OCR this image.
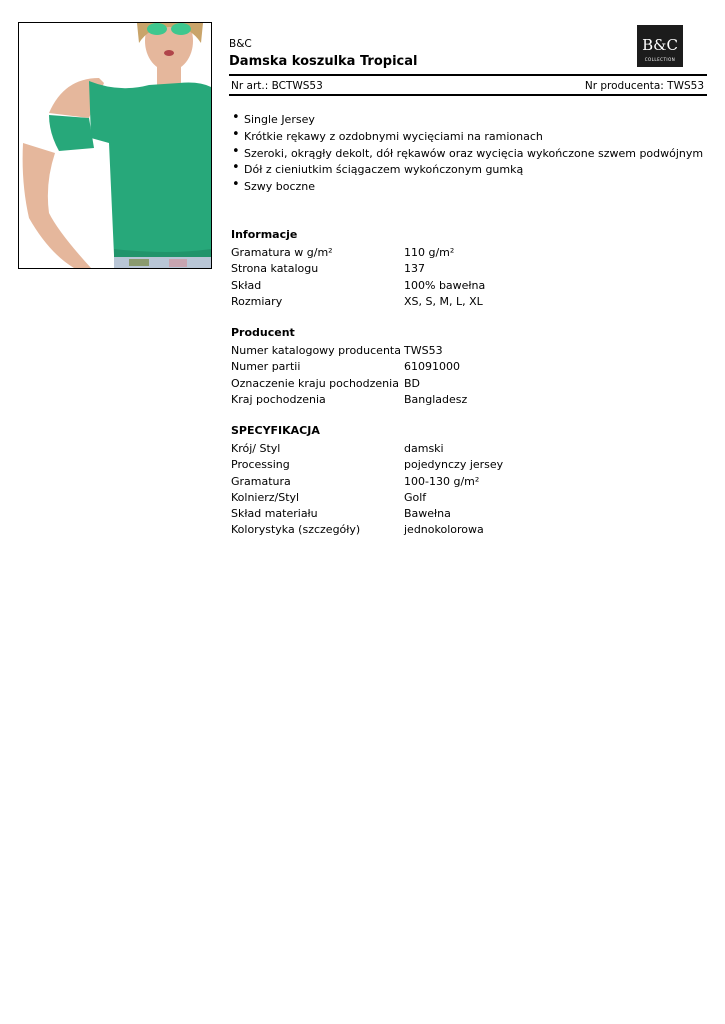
B&C
Damska koszulka Tropical
B&C
COLLECTION
Nr art.: BCTWS53	Nr producenta: TWS53
• Single Jersey
• Krótkie rękawy z ozdobnymi wycięciami na ramionach
• Szeroki, okrągły dekolt, dół rękawów oraz wycięcia wykończone szwem podwójnym
• Dół z cieniutkim ściągaczem wykończonym gumką
• Szwy boczne
Informacje
Gramatura w g/m²	110 g/m²
Strona katalogu	137
Skład	100% bawełna
Rozmiary	XS, S, M, L, XL
Producent
Numer katalogowy producenta TWS53
Numer partii	61091000
Oznaczenie kraju pochodzenia BD
Kraj pochodzenia	Bangladesz
SPECYFIKACJA
Krój/ Styl	damski
Processing	pojedynczy jersey
Gramatura	100-130 g/m²
Kolnierz/Styl	Golf
Skład materiału	Bawełna
Kolorystyka (szczegóły)	jednokolorowa
